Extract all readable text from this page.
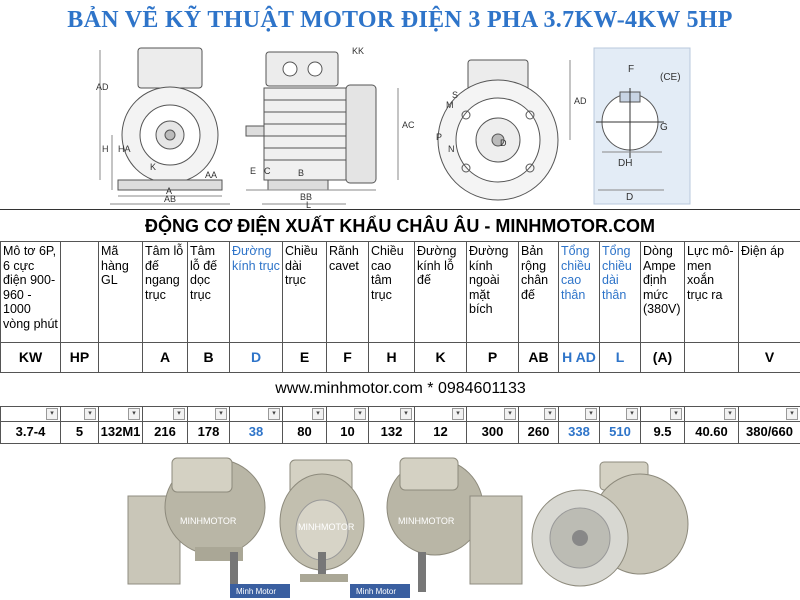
BẢN VẼ KỸ THUẬT MOTOR ĐIỆN 3 PHA 3.7KW-4KW 5HP
AD
H HA
K
AA
A
AB
KK
AC
C
E	B
BB
L
AD
S
M
P
N
D
F
(CE)
G
DH
D
ĐỘNG CƠ ĐIỆN XUẤT KHẨU CHÂU ÂU - MINHMOTOR.COM
Mô tơ 6P, 6 cực điện 900-960 - 1000 vòng phút		Mã hàng GL	Tâm lỗ đế ngang trục	Tâm lỗ đế dọc trục	Đường kính trục	Chiều dài trục	Rãnh cavet	Chiều cao tâm trục	Đường kính lỗ đế	Đường kính ngoài mặt bích	Bản rộng chân đế	Tổng chiều cao thân	Tổng chiều dài thân	Dòng Ampe định mức (380V)	Lực mô-men xoắn trục ra	Điện áp
KW	HP		A	B	D	E	F	H	K	P	AB	H AD	L	(A)		V
www.minhmotor.com * 0984601133																

▾	▾	▾	▾	▾	▾	▾	▾	▾	▾	▾	▾	▾	▾	▾	▾	▾

3.7-4	5	132M1	216	178	38	80	10	132	12	300	260	338	510	9.5	40.60	380/660
MINHMOTOR
MINHMOTOR
MINHMOTOR
Minh Motor	Minh Motor
